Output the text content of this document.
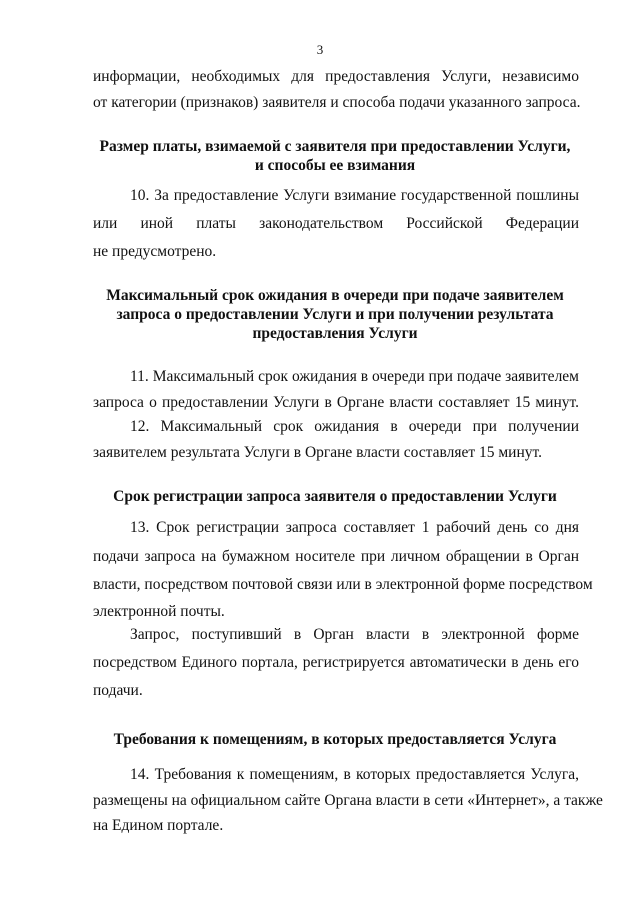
3
информации, необходимых для предоставления Услуги, независимо
от категории (признаков) заявителя и способа подачи указанного запроса.
Размер платы, взимаемой с заявителя при предоставлении Услуги,
и способы ее взимания
10. За предоставление Услуги взимание государственной пошлины
или иной платы законодательством Российской Федерации
не предусмотрено.
Максимальный срок ожидания в очереди при подаче заявителем
запроса о предоставлении Услуги и при получении результата
предоставления Услуги
11. Максимальный срок ожидания в очереди при подаче заявителем
запроса о предоставлении Услуги в Органе власти составляет 15 минут.
12. Максимальный срок ожидания в очереди при получении
заявителем результата Услуги в Органе власти составляет 15 минут.
Срок регистрации запроса заявителя о предоставлении Услуги
13. Срок регистрации запроса составляет 1 рабочий день со дня
подачи запроса на бумажном носителе при личном обращении в Орган
власти, посредством почтовой связи или в электронной форме посредством
электронной почты.
Запрос, поступивший в Орган власти в электронной форме
посредством Единого портала, регистрируется автоматически в день его
подачи.
Требования к помещениям, в которых предоставляется Услуга
14. Требования к помещениям, в которых предоставляется Услуга,
размещены на официальном сайте Органа власти в сети «Интернет», а также
на Едином портале.
